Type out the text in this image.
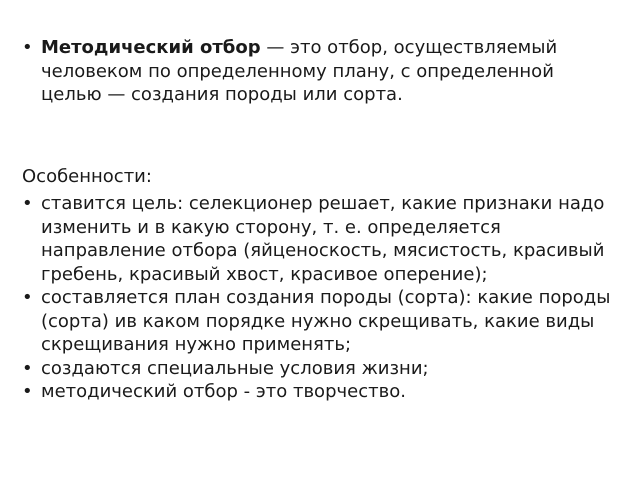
• Методический отбор — это отбор, осуществляемый человеком по определенному плану, с определенной целью — создания породы или сорта.

Особенности:

• ставится цель: селекционер решает, какие признаки надо изменить и в какую сторону, т. е. определяется направление отбора (яйценоскость, мясистость, красивый гребень, красивый хвост, красивое оперение);
• составляется план создания породы (сорта): какие породы (сорта) ив каком порядке нужно скрещивать, какие виды скрещивания нужно применять;
• создаются специальные условия жизни;
• методический отбор - это творчество.
